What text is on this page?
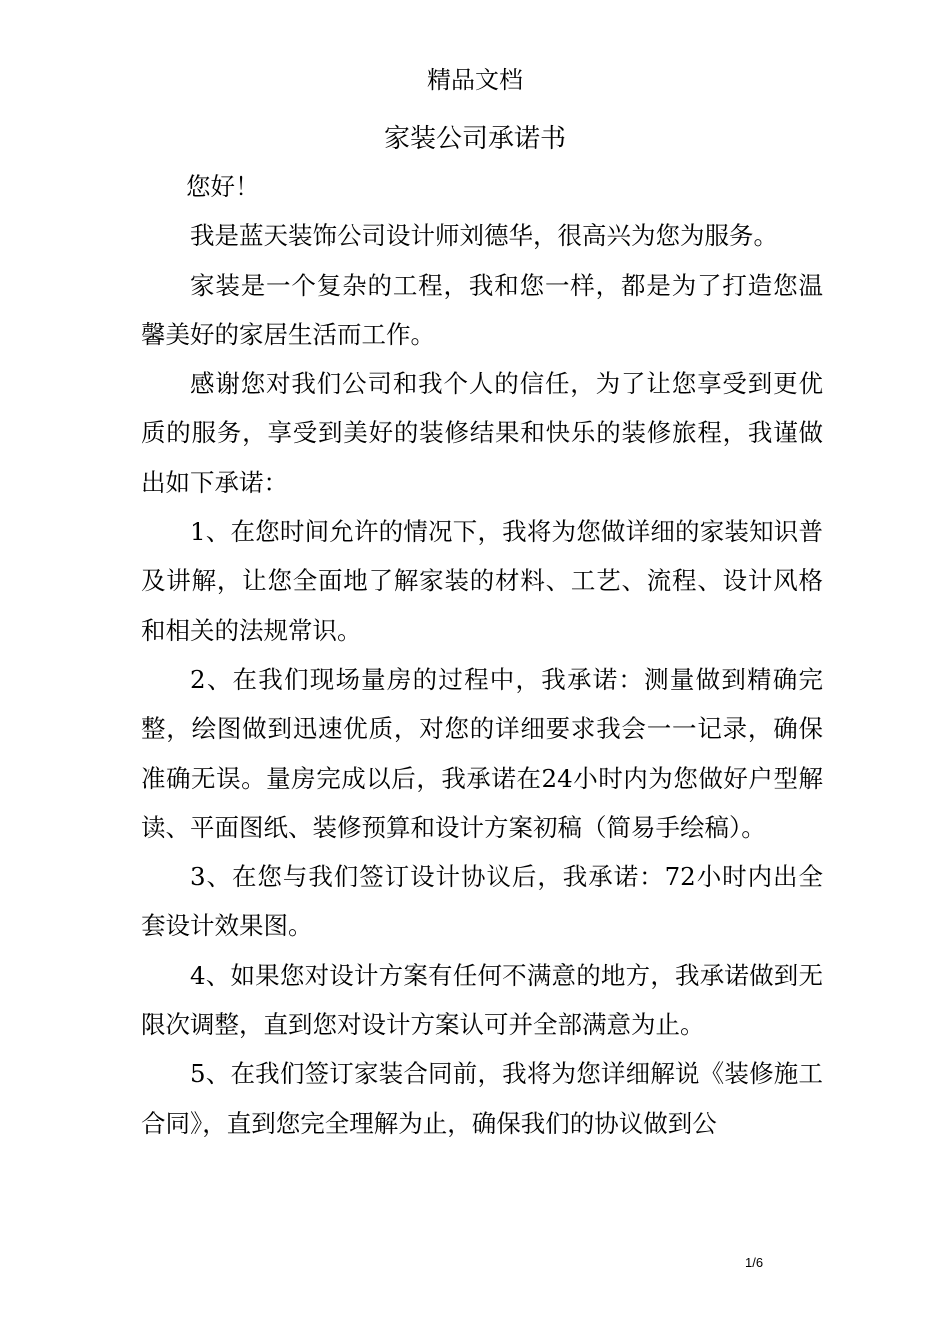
精品文档
家装公司承诺书

您好！

我是蓝天装饰公司设计师刘德华，很高兴为您为服务。

家装是一个复杂的工程，我和您一样，都是为了打造您温馨美好的家居生活而工作。

感谢您对我们公司和我个人的信任，为了让您享受到更优质的服务，享受到美好的装修结果和快乐的装修旅程，我谨做出如下承诺：

1、在您时间允许的情况下，我将为您做详细的家装知识普及讲解，让您全面地了解家装的材料、工艺、流程、设计风格和相关的法规常识。

2、在我们现场量房的过程中，我承诺：测量做到精确完整，绘图做到迅速优质，对您的详细要求我会一一记录，确保准确无误。量房完成以后，我承诺在24小时内为您做好户型解读、平面图纸、装修预算和设计方案初稿（简易手绘稿）。

3、在您与我们签订设计协议后，我承诺：72小时内出全套设计效果图。

4、如果您对设计方案有任何不满意的地方，我承诺做到无限次调整，直到您对设计方案认可并全部满意为止。

5、在我们签订家装合同前，我将为您详细解说《装修施工合同》，直到您完全理解为止，确保我们的协议做到公

1/6
